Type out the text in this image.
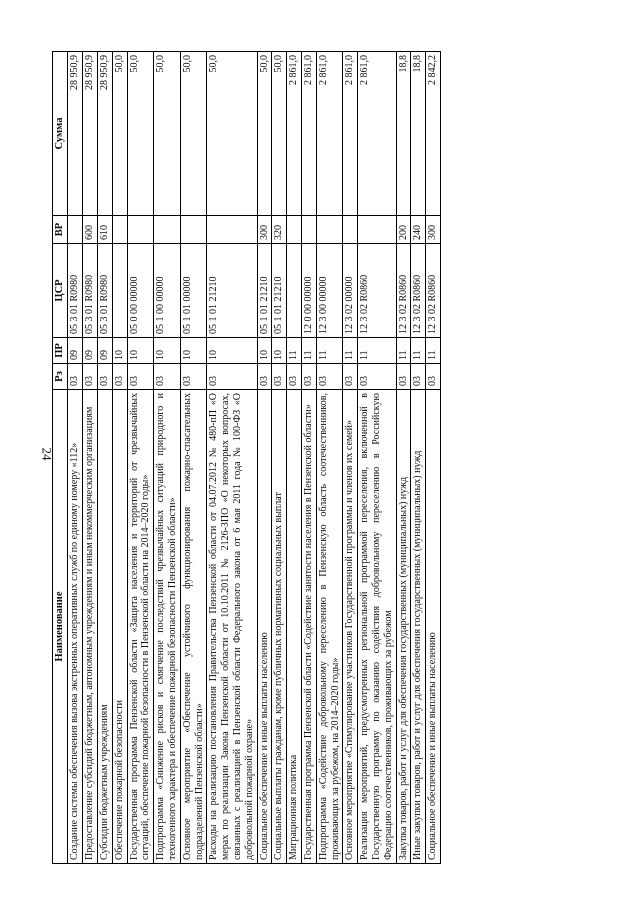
24
Наименование	Рз	ПР	ЦСР	ВР	Сумма
Создание системы обеспечения вызова экстренных оперативных служб по единому номеру «112»	03	09	05 3 01 R0980		28 950,9
Предоставление субсидий бюджетным, автономным учреждениям и иным некоммерческим организациям	03	09	05 3 01 R0980	600	28 950,9
Субсидии бюджетным учреждениям	03	09	05 3 01 R0980	610	28 950,9
Обеспечение пожарной безопасности	03	10			50,0
Государственная программа Пензенской области «Защита населения и территорий от чрезвычайных ситуаций, обеспечение пожарной безопасности в Пензенской области на 2014–2020 годы»	03	10	05 0 00 00000		50,0
Подпрограмма «Снижение рисков и смягчение последствий чрезвычайных ситуаций природного и техногенного характера и обеспечение пожарной безопасности Пензенской области»	03	10	05 1 00 00000		50,0
Основное мероприятие «Обеспечение устойчивого функционирования пожарно-спасательных подразделений Пензенской области»	03	10	05 1 01 00000		50,0
Расходы на реализацию постановления Правительства Пензенской области от 04.07.2012 № 480-пП «О мерах по реализации Закона Пензенской области от 10.10.2011 № 2126-ЗПО «О некоторых вопросах, связанных с реализацией в Пензенской области Федерального закона от 6 мая 2011 года № 100-ФЗ «О добровольной пожарной охране»	03	10	05 1 01 21210		50,0
Социальное обеспечение и иные выплаты населению	03	10	05 1 01 21210	300	50,0
Социальные выплаты гражданам, кроме публичных нормативных социальных выплат	03	10	05 1 01 21210	320	50,0
Миграционная политика	03	11			2 861,0
Государственная программа Пензенской области «Содействие занятости населения в Пензенской области»	03	11	12 0 00 00000		2 861,0
Подпрограмма «Содействие добровольному переселению в Пензенскую область соотечественников, проживающих за рубежом, на 2014–2020 годы»	03	11	12 3 00 00000		2 861,0
Основное мероприятие «Стимулирование участников Государственной программы и членов их семей»	03	11	12 3 02 00000		2 861,0
Реализация мероприятий, предусмотренных региональной программой переселения, включенной в Государственную программу по оказанию содействия добровольному переселению в Российскую Федерацию соотечественников, проживающих за рубежом	03	11	12 3 02 R0860		2 861,0
Закупка товаров, работ и услуг для обеспечения государственных (муниципальных) нужд	03	11	12 3 02 R0860	200	18,8
Иные закупки товаров, работ и услуг для обеспечения государственных (муниципальных) нужд	03	11	12 3 02 R0860	240	18,8
Социальное обеспечение и иные выплаты населению	03	11	12 3 02 R0860	300	2 842,2
